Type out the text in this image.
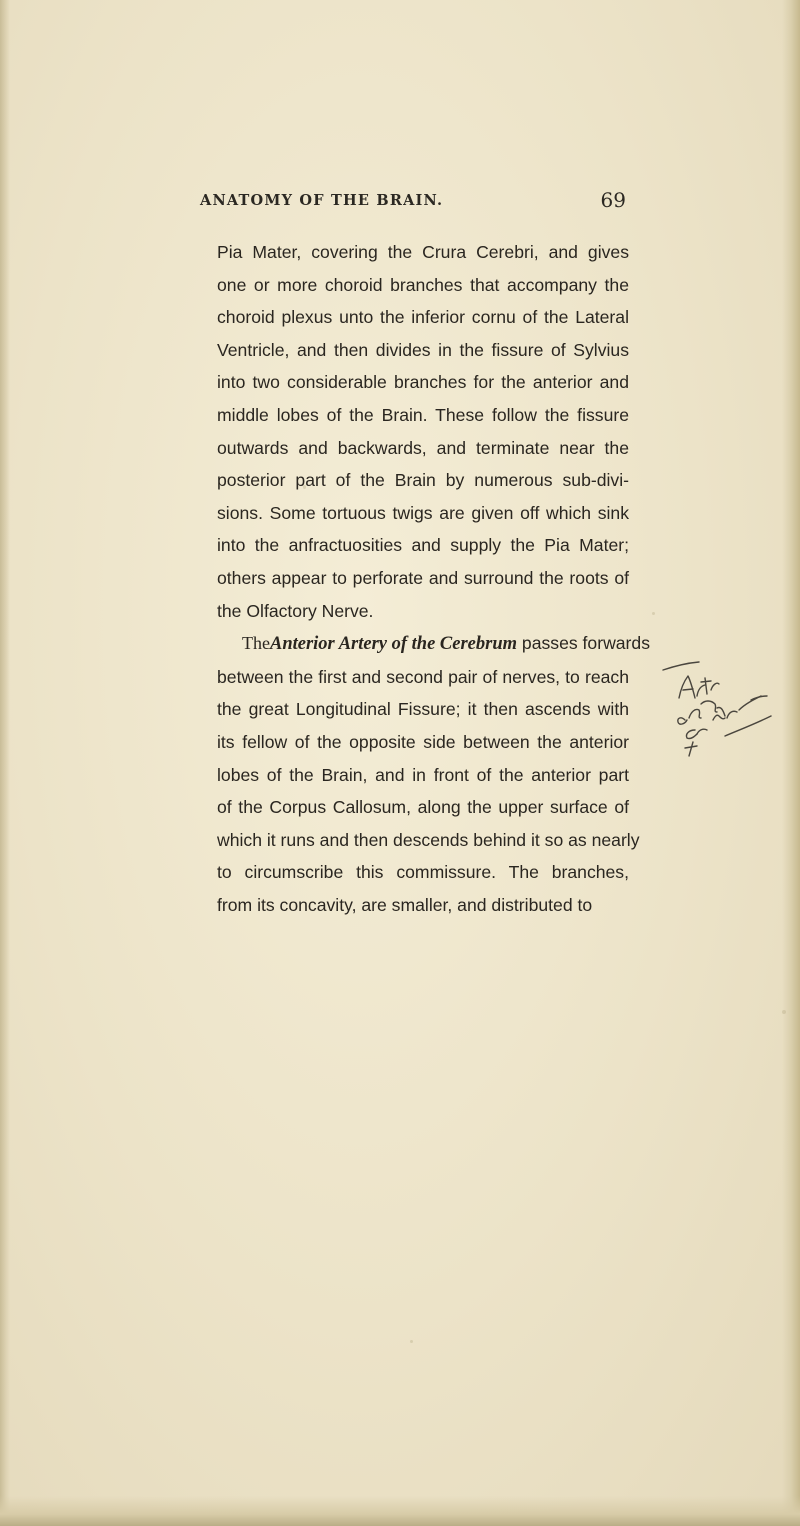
ANATOMY OF THE BRAIN.	69
Pia Mater, covering the Crura Cerebri, and gives
one or more choroid branches that accompany the
choroid plexus unto the inferior cornu of the Lateral
Ventricle, and then divides in the fissure of Sylvius
into two considerable branches for the anterior and
middle lobes of the Brain. These follow the fissure
outwards and backwards, and terminate near the
posterior part of the Brain by numerous sub-divi-
sions. Some tortuous twigs are given off which sink
into the anfractuosities and supply the Pia Mater;
others appear to perforate and surround the roots of
the Olfactory Nerve.
TheAnterior Artery of the Cerebrum passes forwards
between the first and second pair of nerves, to reach
the great Longitudinal Fissure; it then ascends with
its fellow of the opposite side between the anterior
lobes of the Brain, and in front of the anterior part
of the Corpus Callosum, along the upper surface of
which it runs and then descends behind it so as nearly
to circumscribe this commissure. The branches,
from its concavity, are smaller, and distributed to
